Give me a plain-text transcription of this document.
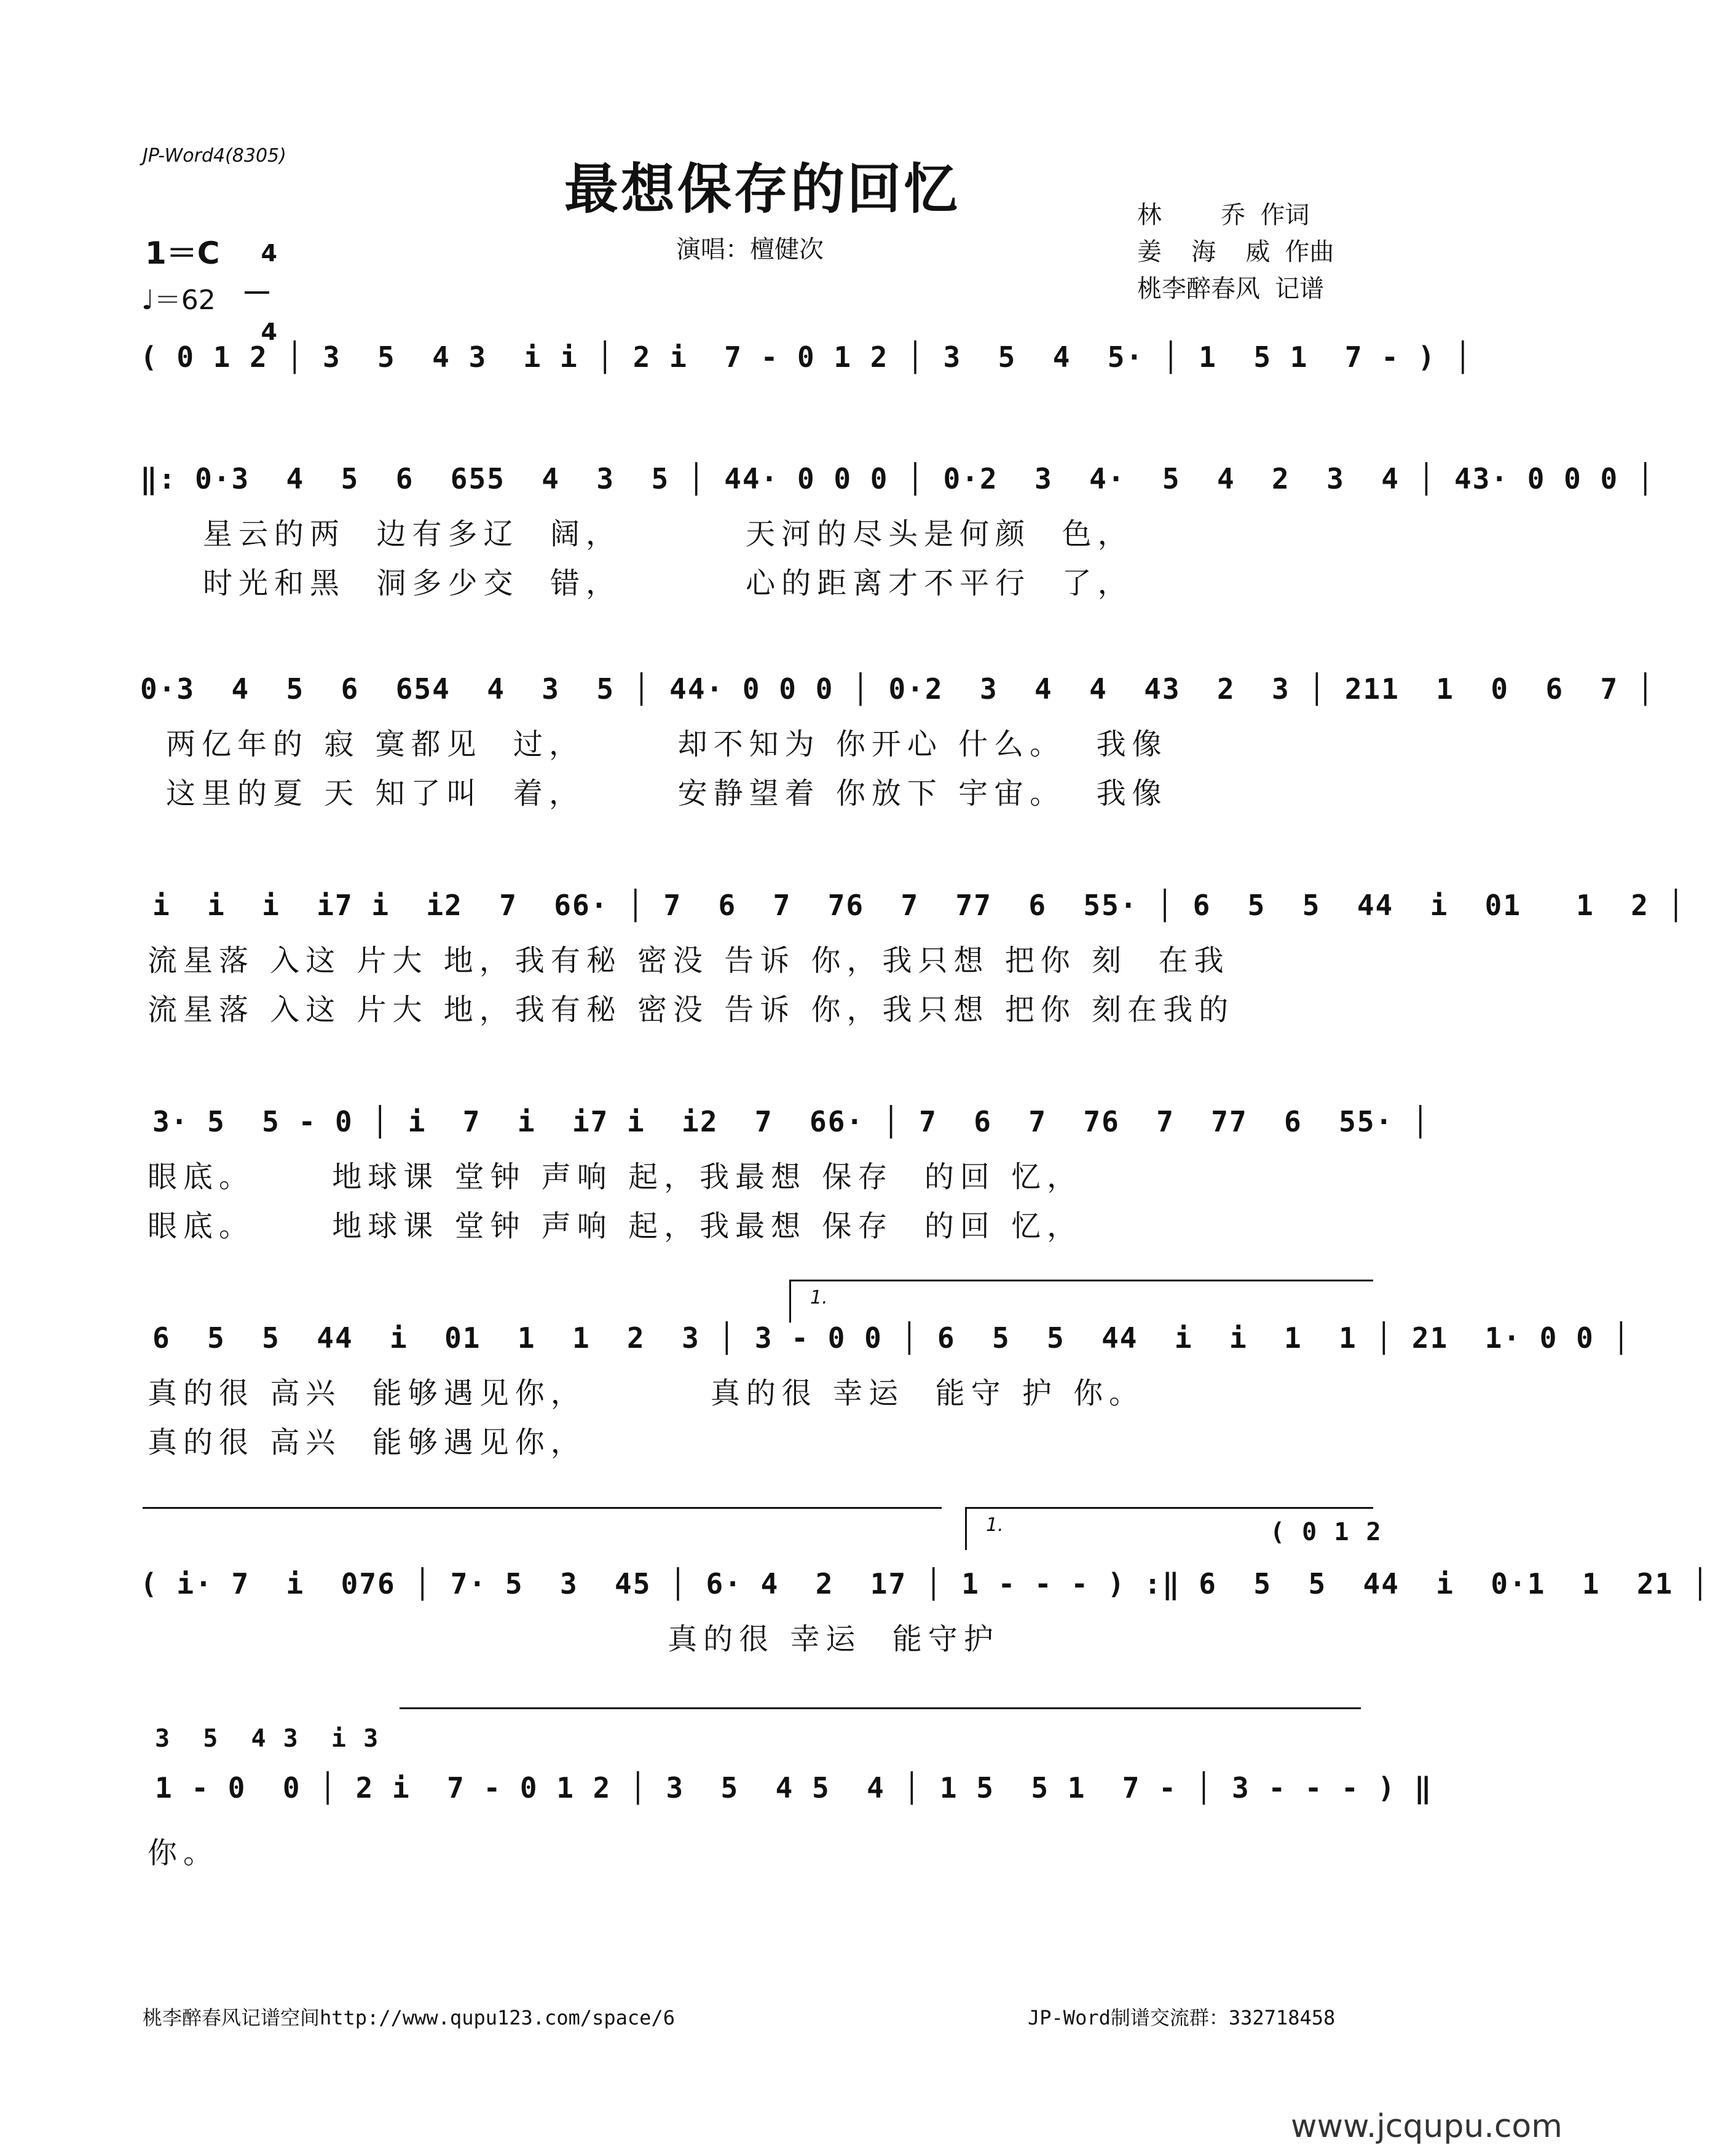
JP-Word4(8305)
最想保存的回忆
1＝C	4

4

♩＝62
演唱：檀健次
林    乔 作词
姜  海  威 作曲
桃李醉春风 记谱
( 0 1 2 │ 3  5  4 3  i i │ 2 i  7 - 0 1 2 │ 3  5  4  5· │ 1  5 1  7 - ) │
‖: 0·3  4  5  6  655  4  3  5 │ 44· 0 0 0 │ 0·2  3  4·  5  4  2  3  4 │ 43· 0 0 0 │
星云的两  边有多辽  阔，        天河的尽头是何颜  色，
时光和黑  洞多少交  错，        心的距离才不平行  了，
0·3  4  5  6  654  4  3  5 │ 44· 0 0 0 │ 0·2  3  4  4  43  2  3 │ 211  1  0  6  7 │
两亿年的 寂 寞都见  过，      却不知为 你开心 什么。  我像
这里的夏 天 知了叫  着，      安静望着 你放下 宇宙。  我像
i  i  i  i7 i  i2  7  66· │ 7  6  7  76  7  77  6  55· │ 6  5  5  44  i  01   1  2 │
流星落 入这 片大 地，我有秘 密没 告诉 你，我只想 把你 刻  在我
流星落 入这 片大 地，我有秘 密没 告诉 你，我只想 把你 刻在我的
3· 5  5 - 0 │ i  7  i  i7 i  i2  7  66· │ 7  6  7  76  7  77  6  55· │
眼底。     地球课 堂钟 声响 起，我最想 保存  的回 忆，
眼底。     地球课 堂钟 声响 起，我最想 保存  的回 忆，
1.
6  5  5  44  i  01  1  1  2  3 │ 3 - 0 0 │ 6  5  5  44  i  i  1  1 │ 21  1· 0 0 │
真的很 高兴  能够遇见你，        真的很 幸运  能守 护 你。
真的很 高兴  能够遇见你，
1.	( 0 1 2
( i· 7  i  076 │ 7· 5  3  45 │ 6· 4  2  17 │ 1 - - - ) :‖ 6  5  5  44  i  0·1  1  21 │
真的很 幸运  能守护
3  5  4 3  i 3
1 - 0  0 │ 2 i  7 - 0 1 2 │ 3  5  4 5  4 │ 1 5  5 1  7 - │ 3 - - - ) ‖
你。
桃李醉春风记谱空间http://www.qupu123.com/space/6	JP-Word制谱交流群：332718458
www.jcqupu.com
